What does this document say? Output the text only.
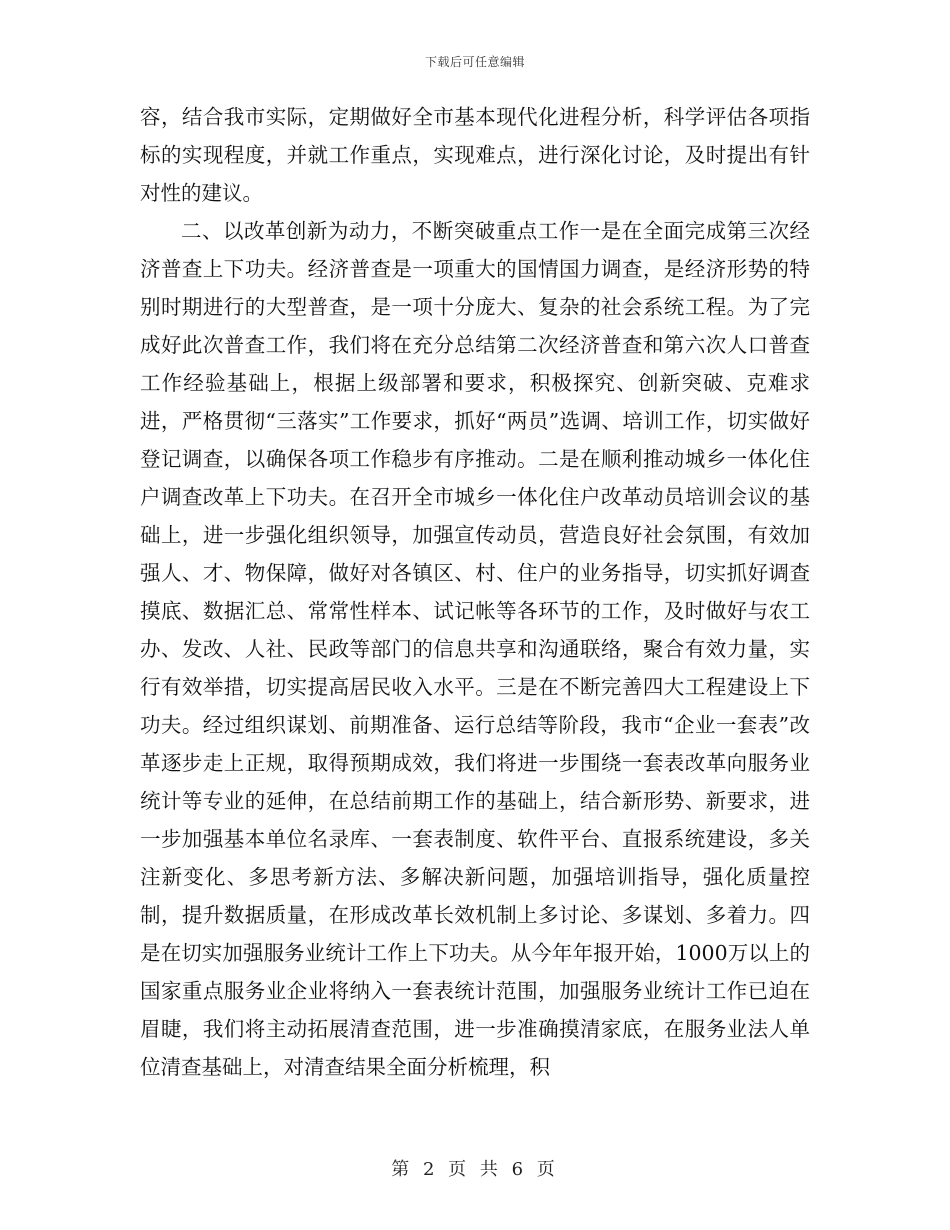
下载后可任意编辑

容，结合我市实际，定期做好全市基本现代化进程分析，科学评估各项指标的实现程度，并就工作重点，实现难点，进行深化讨论，及时提出有针对性的建议。

二、以改革创新为动力，不断突破重点工作一是在全面完成第三次经济普查上下功夫。经济普查是一项重大的国情国力调查，是经济形势的特别时期进行的大型普查，是一项十分庞大、复杂的社会系统工程。为了完成好此次普查工作，我们将在充分总结第二次经济普查和第六次人口普查工作经验基础上，根据上级部署和要求，积极探究、创新突破、克难求进，严格贯彻“三落实”工作要求，抓好“两员”选调、培训工作，切实做好登记调查，以确保各项工作稳步有序推动。二是在顺利推动城乡一体化住户调查改革上下功夫。在召开全市城乡一体化住户改革动员培训会议的基础上，进一步强化组织领导，加强宣传动员，营造良好社会氛围，有效加强人、才、物保障，做好对各镇区、村、住户的业务指导，切实抓好调查摸底、数据汇总、常常性样本、试记帐等各环节的工作，及时做好与农工办、发改、人社、民政等部门的信息共享和沟通联络，聚合有效力量，实行有效举措，切实提高居民收入水平。三是在不断完善四大工程建设上下功夫。经过组织谋划、前期准备、运行总结等阶段，我市“企业一套表”改革逐步走上正规，取得预期成效，我们将进一步围绕一套表改革向服务业统计等专业的延伸，在总结前期工作的基础上，结合新形势、新要求，进一步加强基本单位名录库、一套表制度、软件平台、直报系统建设，多关注新变化、多思考新方法、多解决新问题，加强培训指导，强化质量控制，提升数据质量，在形成改革长效机制上多讨论、多谋划、多着力。四是在切实加强服务业统计工作上下功夫。从今年年报开始，1000万以上的国家重点服务业企业将纳入一套表统计范围，加强服务业统计工作已迫在眉睫，我们将主动拓展清查范围，进一步准确摸清家底，在服务业法人单位清查基础上，对清查结果全面分析梳理，积

第 2 页 共 6 页
